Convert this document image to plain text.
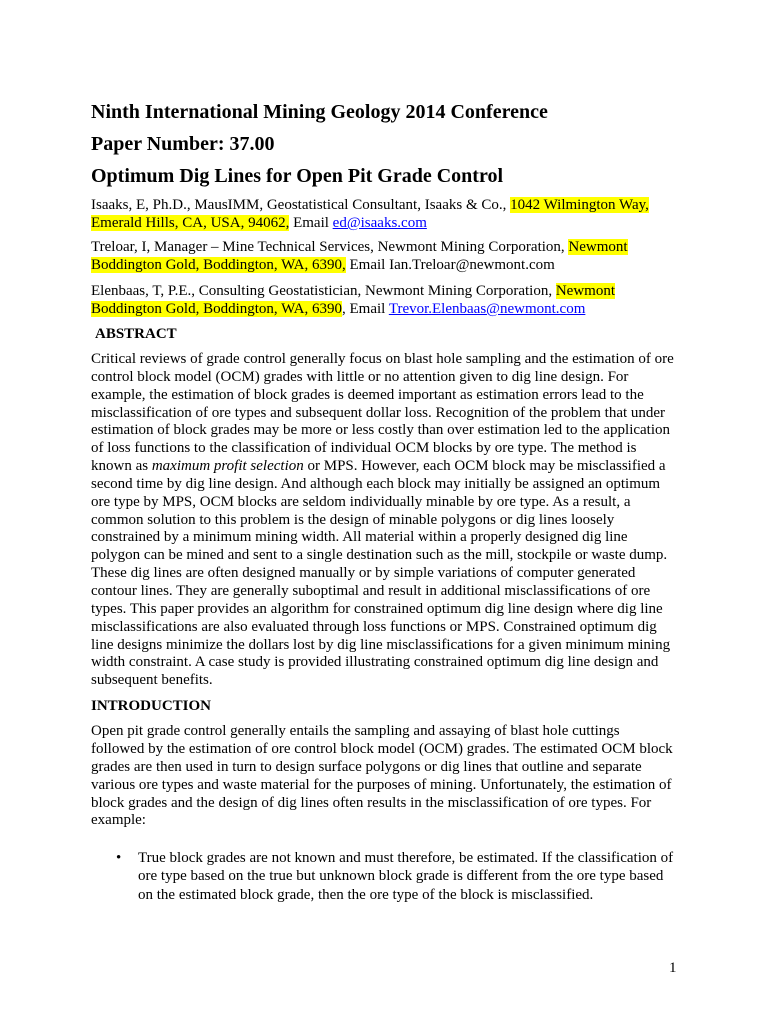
Ninth International Mining Geology 2014 Conference
Paper Number: 37.00
Optimum Dig Lines for Open Pit Grade Control
Isaaks, E, Ph.D., MausIMM, Geostatistical Consultant, Isaaks & Co., 1042 Wilmington Way,
Emerald Hills, CA, USA, 94062, Email ed@isaaks.com
Treloar, I, Manager – Mine Technical Services, Newmont Mining Corporation, Newmont
Boddington Gold, Boddington, WA, 6390, Email Ian.Treloar@newmont.com
Elenbaas, T, P.E., Consulting Geostatistician, Newmont Mining Corporation, Newmont
Boddington Gold, Boddington, WA, 6390, Email Trevor.Elenbaas@newmont.com
ABSTRACT
Critical reviews of grade control generally focus on blast hole sampling and the estimation of ore
control block model (OCM) grades with little or no attention given to dig line design. For
example, the estimation of block grades is deemed important as estimation errors lead to the
misclassification of ore types and subsequent dollar loss. Recognition of the problem that under
estimation of block grades may be more or less costly than over estimation led to the application
of loss functions to the classification of individual OCM blocks by ore type. The method is
known as maximum profit selection or MPS. However, each OCM block may be misclassified a
second time by dig line design. And although each block may initially be assigned an optimum
ore type by MPS, OCM blocks are seldom individually minable by ore type. As a result, a
common solution to this problem is the design of minable polygons or dig lines loosely
constrained by a minimum mining width. All material within a properly designed dig line
polygon can be mined and sent to a single destination such as the mill, stockpile or waste dump.
These dig lines are often designed manually or by simple variations of computer generated
contour lines. They are generally suboptimal and result in additional misclassifications of ore
types. This paper provides an algorithm for constrained optimum dig line design where dig line
misclassifications are also evaluated through loss functions or MPS. Constrained optimum dig
line designs minimize the dollars lost by dig line misclassifications for a given minimum mining
width constraint. A case study is provided illustrating constrained optimum dig line design and
subsequent benefits.
INTRODUCTION
Open pit grade control generally entails the sampling and assaying of blast hole cuttings
followed by the estimation of ore control block model (OCM) grades. The estimated OCM block
grades are then used in turn to design surface polygons or dig lines that outline and separate
various ore types and waste material for the purposes of mining. Unfortunately, the estimation of
block grades and the design of dig lines often results in the misclassification of ore types. For
example:
• True block grades are not known and must therefore, be estimated. If the classification of
ore type based on the true but unknown block grade is different from the ore type based
on the estimated block grade, then the ore type of the block is misclassified.
1
